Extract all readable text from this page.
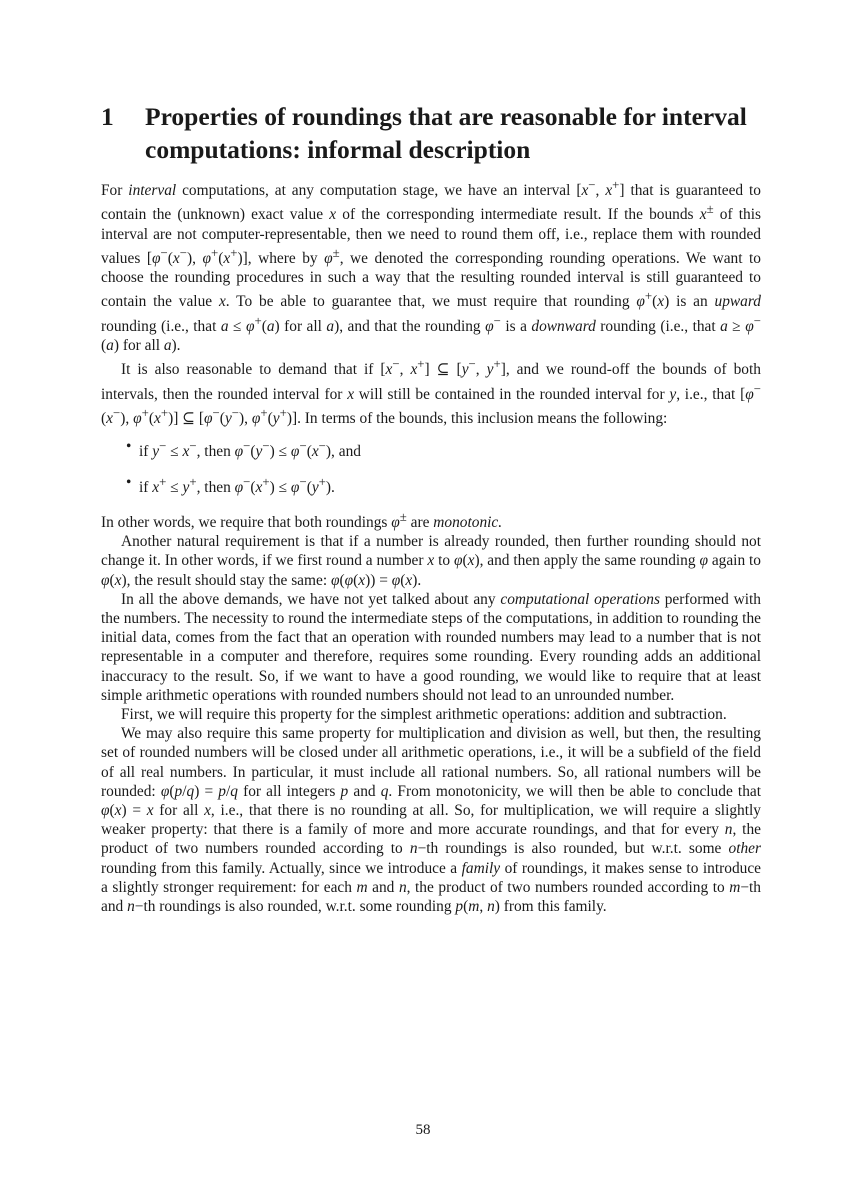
1	Properties of roundings that are reasonable for interval computations: informal description

For interval computations, at any computation stage, we have an interval [x−, x+] that is guaranteed to contain the (unknown) exact value x of the corresponding intermediate result. If the bounds x± of this interval are not computer-representable, then we need to round them off, i.e., replace them with rounded values [φ−(x−), φ+(x+)], where by φ±, we denoted the corresponding rounding operations. We want to choose the rounding procedures in such a way that the resulting rounded interval is still guaranteed to contain the value x. To be able to guarantee that, we must require that rounding φ+(x) is an upward rounding (i.e., that a ≤ φ+(a) for all a), and that the rounding φ− is a downward rounding (i.e., that a ≥ φ−(a) for all a).

It is also reasonable to demand that if [x−, x+] ⊆ [y−, y+], and we round-off the bounds of both intervals, then the rounded interval for x will still be contained in the rounded interval for y, i.e., that [φ−(x−), φ+(x+)] ⊆ [φ−(y−), φ+(y+)]. In terms of the bounds, this inclusion means the following:

• if y− ≤ x−, then φ−(y−) ≤ φ−(x−), and
• if x+ ≤ y+, then φ−(x+) ≤ φ−(y+).

In other words, we require that both roundings φ± are monotonic.

Another natural requirement is that if a number is already rounded, then further rounding should not change it. In other words, if we first round a number x to φ(x), and then apply the same rounding φ again to φ(x), the result should stay the same: φ(φ(x)) = φ(x).

In all the above demands, we have not yet talked about any computational operations performed with the numbers. The necessity to round the intermediate steps of the computations, in addition to rounding the initial data, comes from the fact that an operation with rounded numbers may lead to a number that is not representable in a computer and therefore, requires some rounding. Every rounding adds an additional inaccuracy to the result. So, if we want to have a good rounding, we would like to require that at least simple arithmetic operations with rounded numbers should not lead to an unrounded number.

First, we will require this property for the simplest arithmetic operations: addition and subtraction.

We may also require this same property for multiplication and division as well, but then, the resulting set of rounded numbers will be closed under all arithmetic operations, i.e., it will be a subfield of the field of all real numbers. In particular, it must include all rational numbers. So, all rational numbers will be rounded: φ(p/q) = p/q for all integers p and q. From monotonicity, we will then be able to conclude that φ(x) = x for all x, i.e., that there is no rounding at all. So, for multiplication, we will require a slightly weaker property: that there is a family of more and more accurate roundings, and that for every n, the product of two numbers rounded according to n−th roundings is also rounded, but w.r.t. some other rounding from this family. Actually, since we introduce a family of roundings, it makes sense to introduce a slightly stronger requirement: for each m and n, the product of two numbers rounded according to m−th and n−th roundings is also rounded, w.r.t. some rounding p(m, n) from this family.

58
